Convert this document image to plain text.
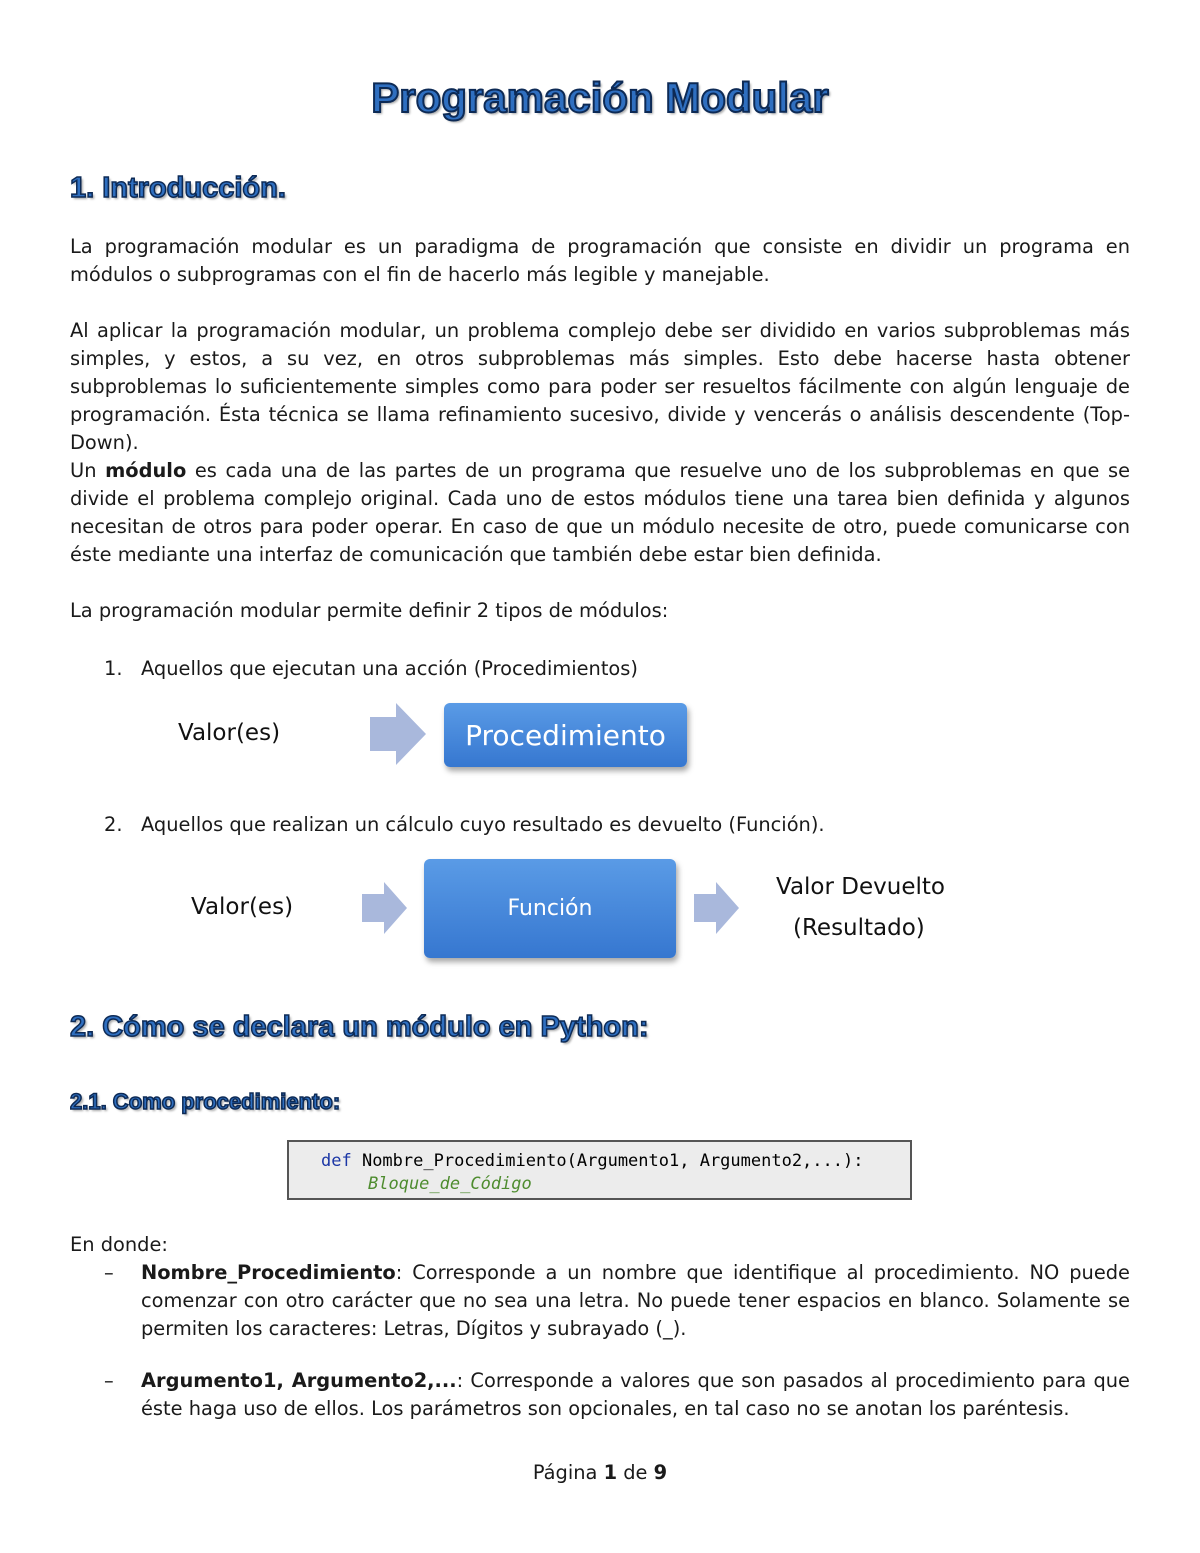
Programación Modular
1. Introducción.

La programación modular es un paradigma de programación que consiste en dividir un programa en módulos o subprogramas con el fin de hacerlo más legible y manejable.

Al aplicar la programación modular, un problema complejo debe ser dividido en varios subproblemas más simples, y estos, a su vez, en otros subproblemas más simples. Esto debe hacerse hasta obtener subproblemas lo suficientemente simples como para poder ser resueltos fácilmente con algún lenguaje de programación. Ésta técnica se llama refinamiento sucesivo, divide y vencerás o análisis descendente (Top-Down).

Un módulo es cada una de las partes de un programa que resuelve uno de los subproblemas en que se divide el problema complejo original. Cada uno de estos módulos tiene una tarea bien definida y algunos necesitan de otros para poder operar. En caso de que un módulo necesite de otro, puede comunicarse con éste mediante una interfaz de comunicación que también debe estar bien definida.

La programación modular permite definir 2 tipos de módulos:

1. Aquellos que ejecutan una acción (Procedimientos)
Valor(es)	Procedimiento
2. Aquellos que realizan un cálculo cuyo resultado es devuelto (Función).
Valor(es)	Función
Valor Devuelto
(Resultado)
2. Cómo se declara un módulo en Python:
2.1. Como procedimiento:
def Nombre_Procedimiento(Argumento1, Argumento2,...):
Bloque_de_Código
En donde:
– Nombre_Procedimiento: Corresponde a un nombre que identifique al procedimiento. NO puede comenzar con otro carácter que no sea una letra. No puede tener espacios en blanco. Solamente se permiten los caracteres: Letras, Dígitos y subrayado (_).

– Argumento1, Argumento2,...: Corresponde a valores que son pasados al procedimiento para que éste haga uso de ellos. Los parámetros son opcionales, en tal caso no se anotan los paréntesis.

Página 1 de 9
